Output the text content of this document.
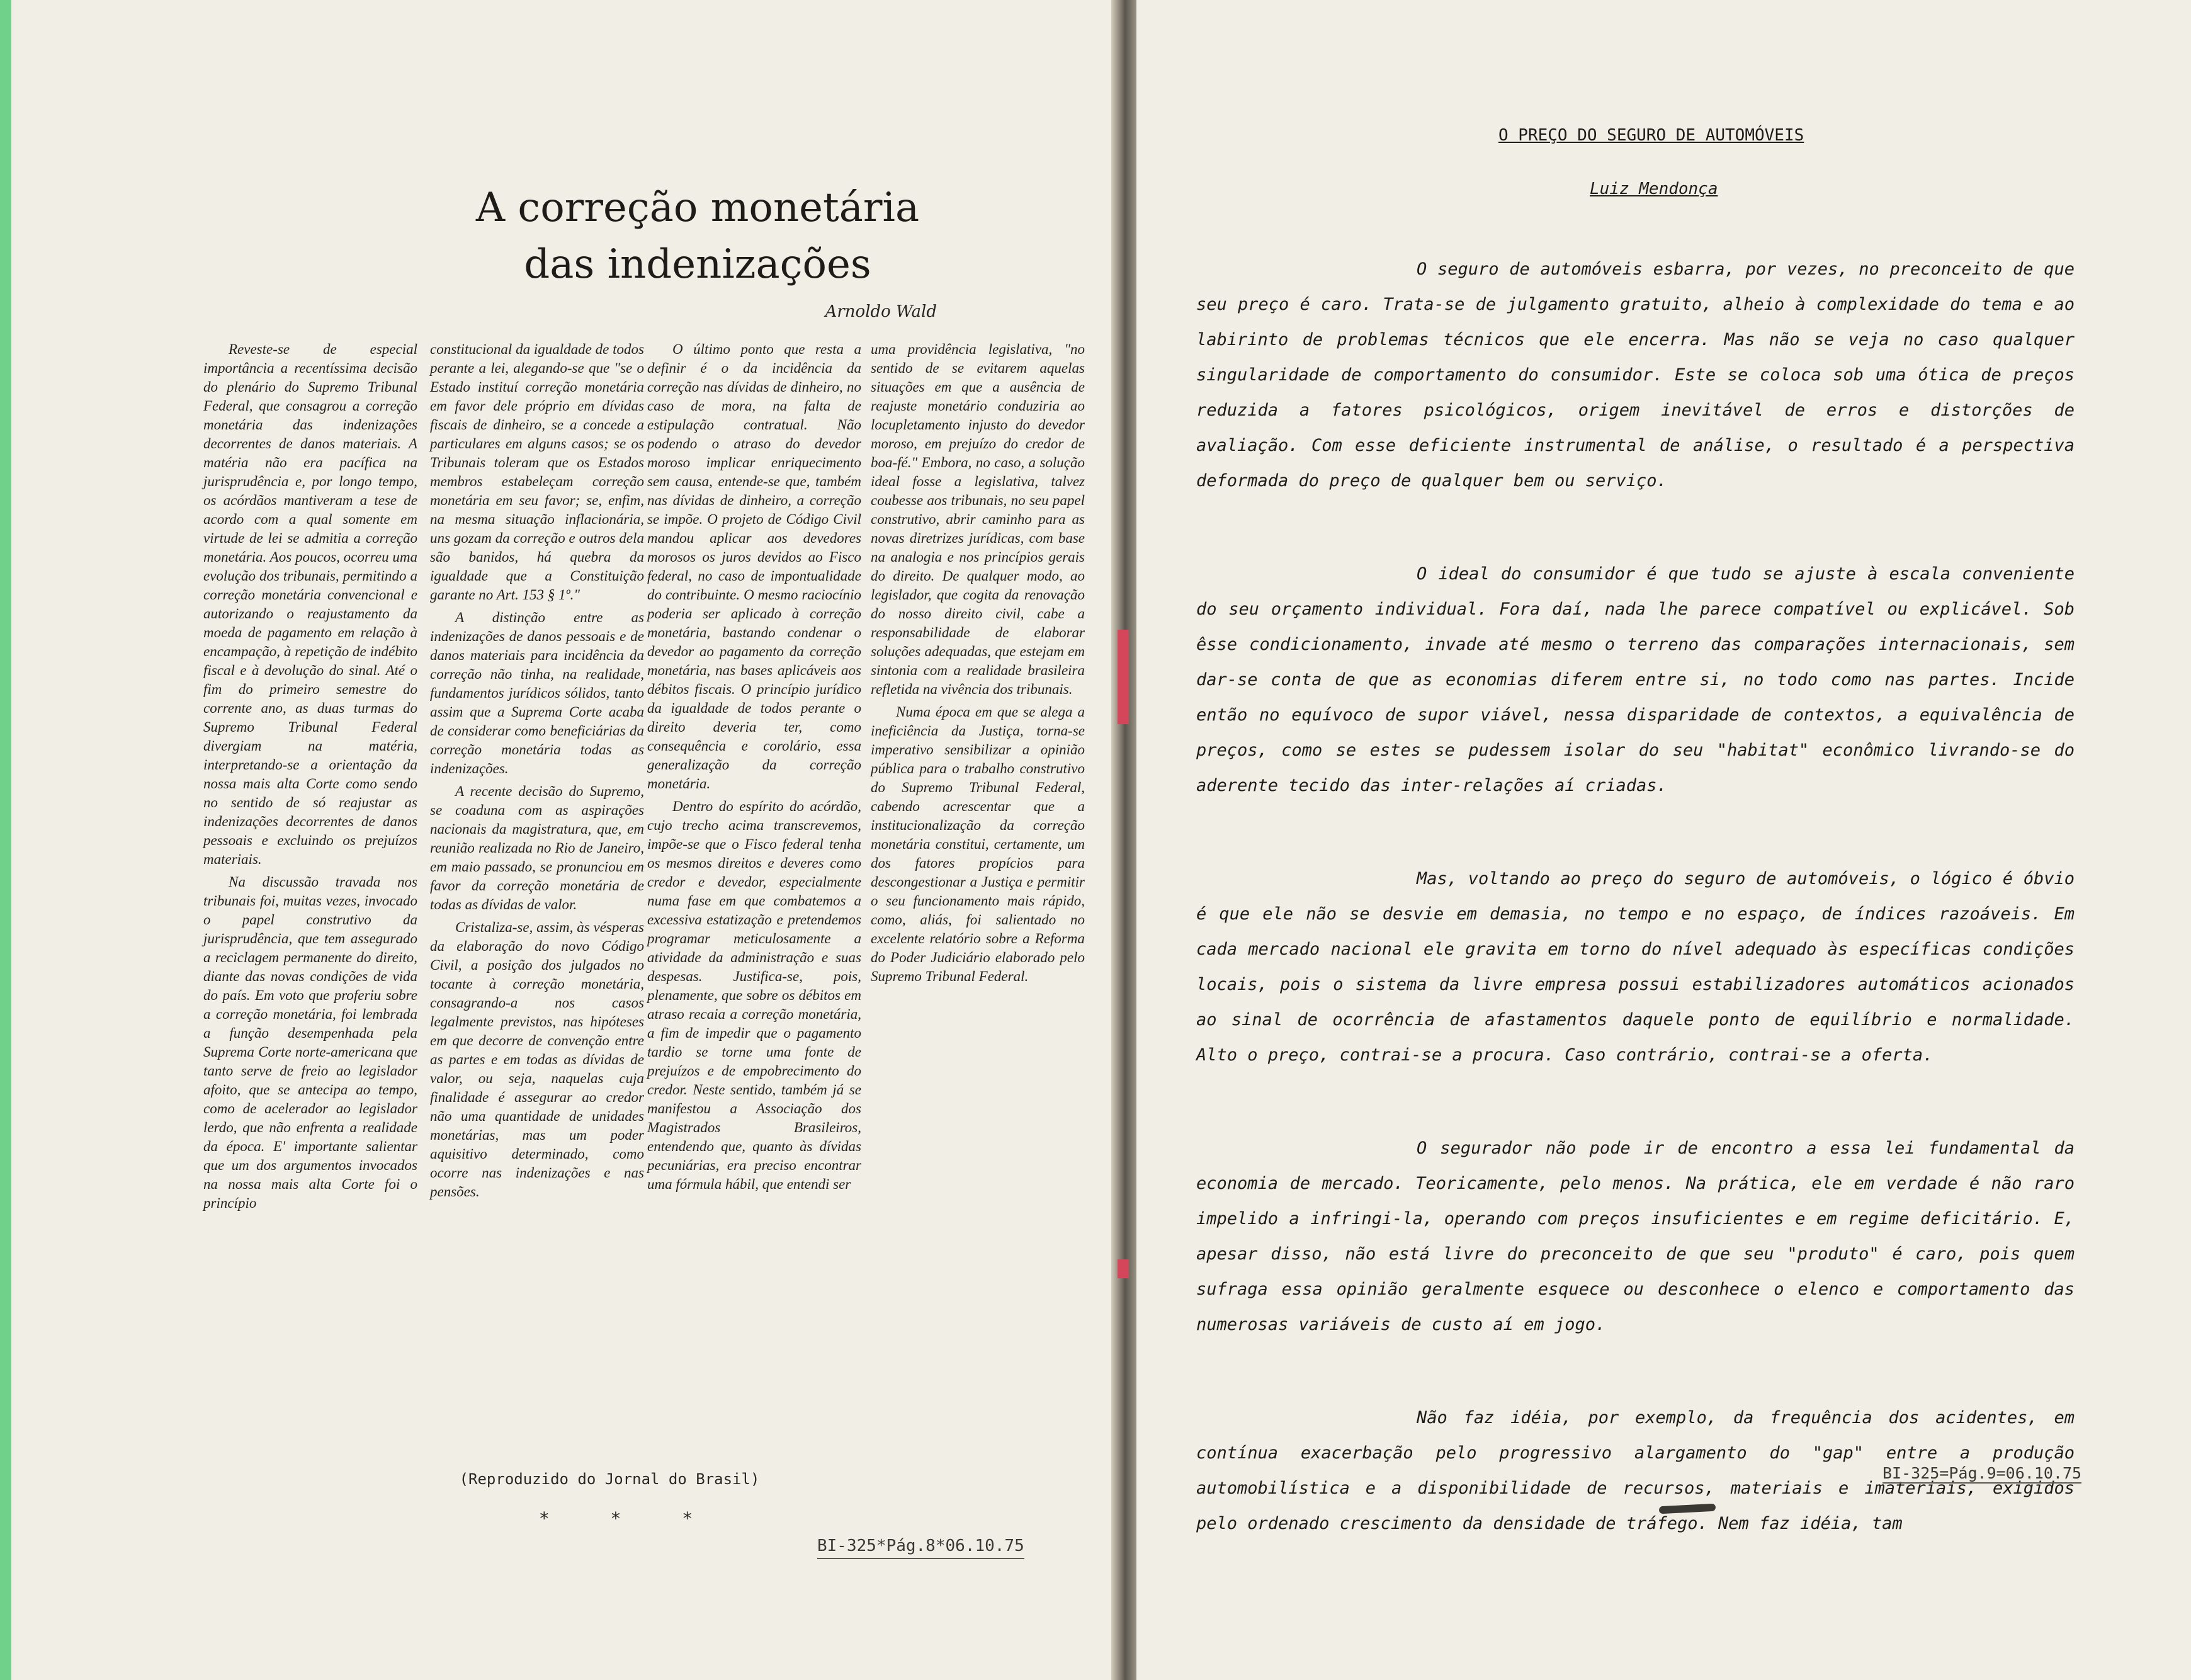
A correção monetária
das indenizações
Arnoldo Wald

Reveste-se de especial importância a recentíssima decisão do plenário do Supremo Tribunal Federal, que consagrou a correção monetária das indenizações decorrentes de danos materiais. A matéria não era pacífica na jurisprudência e, por longo tempo, os acórdãos mantiveram a tese de acordo com a qual somente em virtude de lei se admitia a correção monetária. Aos poucos, ocorreu uma evolução dos tribunais, permitindo a correção monetária convencional e autorizando o reajustamento da moeda de pagamento em relação à encampação, à repetição de indébito fiscal e à devolução do sinal. Até o fim do primeiro semestre do corrente ano, as duas turmas do Supremo Tribunal Federal divergiam na matéria, interpretando-se a orientação da nossa mais alta Corte como sendo no sentido de só reajustar as indenizações decorrentes de danos pessoais e excluindo os prejuízos materiais.

Na discussão travada nos tribunais foi, muitas vezes, invocado o papel construtivo da jurisprudência, que tem assegurado a reciclagem permanente do direito, diante das novas condições de vida do país. Em voto que proferiu sobre a correção monetária, foi lembrada a função desempenhada pela Suprema Corte norte-americana que tanto serve de freio ao legislador afoito, que se antecipa ao tempo, como de acelerador ao legislador lerdo, que não enfrenta a realidade da época. E' importante salientar que um dos argumentos invocados na nossa mais alta Corte foi o princípio

constitucional da igualdade de todos perante a lei, alegando-se que "se o Estado instituí correção monetária em favor dele próprio em dívidas fiscais de dinheiro, se a concede a particulares em alguns casos; se os Tribunais toleram que os Estados membros estabeleçam correção monetária em seu favor; se, enfim, na mesma situação inflacionária, uns gozam da correção e outros dela são banidos, há quebra da igualdade que a Constituição garante no Art. 153 § 1º."

A distinção entre as indenizações de danos pessoais e de danos materiais para incidência da correção não tinha, na realidade, fundamentos jurídicos sólidos, tanto assim que a Suprema Corte acaba de considerar como beneficiárias da correção monetária todas as indenizações.

A recente decisão do Supremo, se coaduna com as aspirações nacionais da magistratura, que, em reunião realizada no Rio de Janeiro, em maio passado, se pronunciou em favor da correção monetária de todas as dívidas de valor.

Cristaliza-se, assim, às vésperas da elaboração do novo Código Civil, a posição dos julgados no tocante à correção monetária, consagrando-a nos casos legalmente previstos, nas hipóteses em que decorre de convenção entre as partes e em todas as dívidas de valor, ou seja, naquelas cuja finalidade é assegurar ao credor não uma quantidade de unidades monetárias, mas um poder aquisitivo determinado, como ocorre nas indenizações e nas pensões.

O último ponto que resta a definir é o da incidência da correção nas dívidas de dinheiro, no caso de mora, na falta de estipulação contratual. Não podendo o atraso do devedor moroso implicar enriquecimento sem causa, entende-se que, também nas dívidas de dinheiro, a correção se impõe. O projeto de Código Civil mandou aplicar aos devedores morosos os juros devidos ao Fisco federal, no caso de impontualidade do contribuinte. O mesmo raciocínio poderia ser aplicado à correção monetária, bastando condenar o devedor ao pagamento da correção monetária, nas bases aplicáveis aos débitos fiscais. O princípio jurídico da igualdade de todos perante o direito deveria ter, como consequência e corolário, essa generalização da correção monetária.

Dentro do espírito do acórdão, cujo trecho acima transcrevemos, impõe-se que o Fisco federal tenha os mesmos direitos e deveres como credor e devedor, especialmente numa fase em que combatemos a excessiva estatização e pretendemos programar meticulosamente a atividade da administração e suas despesas. Justifica-se, pois, plenamente, que sobre os débitos em atraso recaia a correção monetária, a fim de impedir que o pagamento tardio se torne uma fonte de prejuízos e de empobrecimento do credor. Neste sentido, também já se manifestou a Associação dos Magistrados Brasileiros, entendendo que, quanto às dívidas pecuniárias, era preciso encontrar uma fórmula hábil, que entendi ser

uma providência legislativa, "no sentido de se evitarem aquelas situações em que a ausência de reajuste monetário conduziria ao locupletamento injusto do devedor moroso, em prejuízo do credor de boa-fé." Embora, no caso, a solução ideal fosse a legislativa, talvez coubesse aos tribunais, no seu papel construtivo, abrir caminho para as novas diretrizes jurídicas, com base na analogia e nos princípios gerais do direito. De qualquer modo, ao legislador, que cogita da renovação do nosso direito civil, cabe a responsabilidade de elaborar soluções adequadas, que estejam em sintonia com a realidade brasileira refletida na vivência dos tribunais.

Numa época em que se alega a ineficiência da Justiça, torna-se imperativo sensibilizar a opinião pública para o trabalho construtivo do Supremo Tribunal Federal, cabendo acrescentar que a institucionalização da correção monetária constitui, certamente, um dos fatores propícios para descongestionar a Justiça e permitir o seu funcionamento mais rápido, como, aliás, foi salientado no excelente relatório sobre a Reforma do Poder Judiciário elaborado pelo Supremo Tribunal Federal.

(Reproduzido do Jornal do Brasil)
* * *
BI-325*Pág.8*06.10.75
O PREÇO DO SEGURO DE AUTOMÓVEIS
Luiz Mendonça

O seguro de automóveis esbarra, por vezes, no preconceito de que seu preço é caro. Trata-se de julgamento gratuito, alheio à complexidade do tema e ao labirinto de problemas técnicos que ele encerra. Mas não se veja no caso qualquer singularidade de comportamento do consumidor. Este se coloca sob uma ótica de preços reduzida a fatores psicológicos, origem inevitável de erros e distorções de avaliação. Com esse deficiente instrumental de análise, o resultado é a perspectiva deformada do preço de qualquer bem ou serviço.

O ideal do consumidor é que tudo se ajuste à escala conveniente do seu orçamento individual. Fora daí, nada lhe parece compatível ou explicável. Sob êsse condicionamento, invade até mesmo o terreno das comparações internacionais, sem dar-se conta de que as economias diferem entre si, no todo como nas partes. Incide então no equívoco de supor viável, nessa disparidade de contextos, a equivalência de preços, como se estes se pudessem isolar do seu "habitat" econômico livrando-se do aderente tecido das inter-relações aí criadas.

Mas, voltando ao preço do seguro de automóveis, o lógico é óbvio é que ele não se desvie em demasia, no tempo e no espaço, de índices razoáveis. Em cada mercado nacional ele gravita em torno do nível adequado às específicas condições locais, pois o sistema da livre empresa possui estabilizadores automáticos acionados ao sinal de ocorrência de afastamentos daquele ponto de equilíbrio e normalidade. Alto o preço, contrai-se a procura. Caso contrário, contrai-se a oferta.

O segurador não pode ir de encontro a essa lei fundamental da economia de mercado. Teoricamente, pelo menos. Na prática, ele em verdade é não raro impelido a infringi-la, operando com preços insuficientes e em regime deficitário. E, apesar disso, não está livre do preconceito de que seu "produto" é caro, pois quem sufraga essa opinião geralmente esquece ou desconhece o elenco e comportamento das numerosas variáveis de custo aí em jogo.

Não faz idéia, por exemplo, da frequência dos acidentes, em contínua exacerbação pelo progressivo alargamento do "gap" entre a produção automobilística e a disponibilidade de recursos, materiais e imateriais, exigidos pelo ordenado crescimento da densidade de tráfego. Nem faz idéia, tam

BI-325=Pág.9=06.10.75
